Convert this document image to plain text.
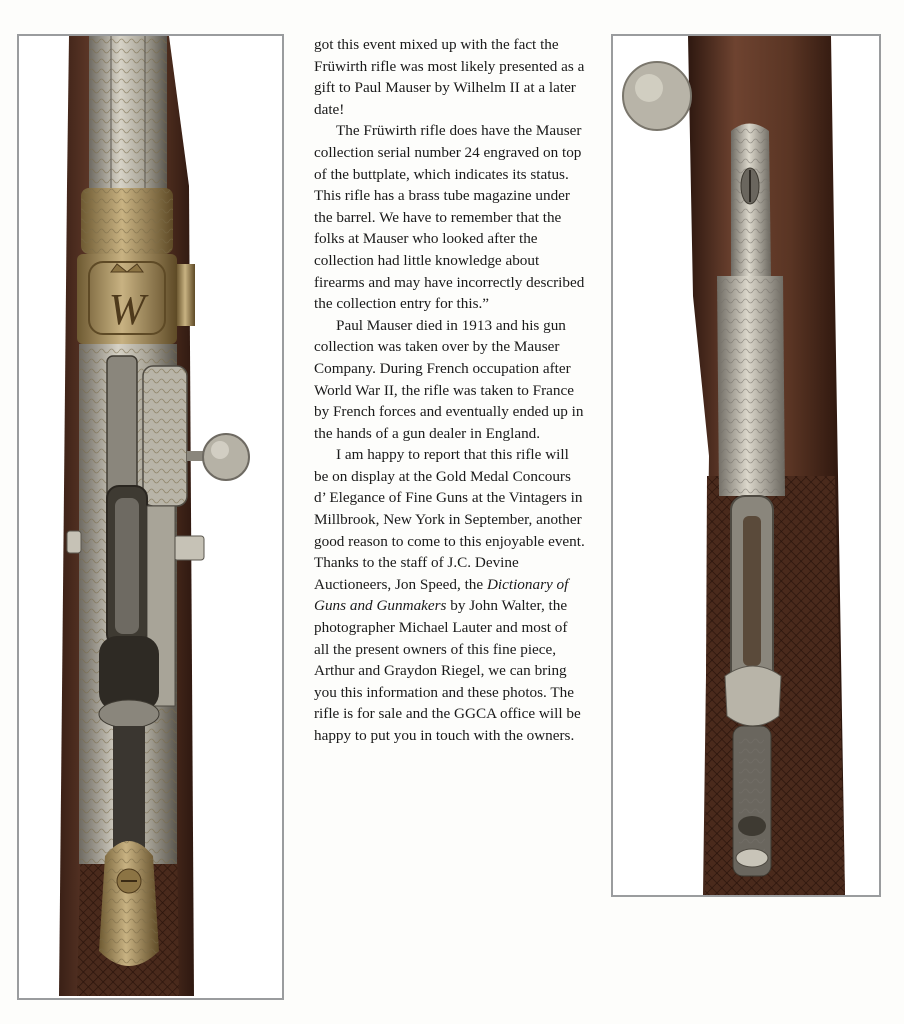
W

got this event mixed up with the fact the Früwirth rifle was most likely presented as a gift to Paul Mauser by Wilhelm II at a later date!

The Früwirth rifle does have the Mauser collection serial number 24 engraved on top of the buttplate, which indicates its status. This rifle has a brass tube magazine under the barrel. We have to remember that the folks at Mauser who looked after the collection had little knowledge about firearms and may have incorrectly described the collection entry for this.”

Paul Mauser died in 1913 and his gun collection was taken over by the Mauser Company. During French occupation after World War II, the rifle was taken to France by French forces and eventually ended up in the hands of a gun dealer in England.

I am happy to report that this rifle will be on display at the Gold Medal Concours d’ Elegance of Fine Guns at the Vintagers in Millbrook, New York in September, another good reason to come to this enjoyable event. Thanks to the staff of J.C. Devine Auctioneers, Jon Speed, the Dictionary of Guns and Gunmakers by John Walter, the photographer Michael Lauter and most of all the present owners of this fine piece, Arthur and Graydon Riegel, we can bring you this information and these photos. The rifle is for sale and the GGCA office will be happy to put you in touch with the owners.
